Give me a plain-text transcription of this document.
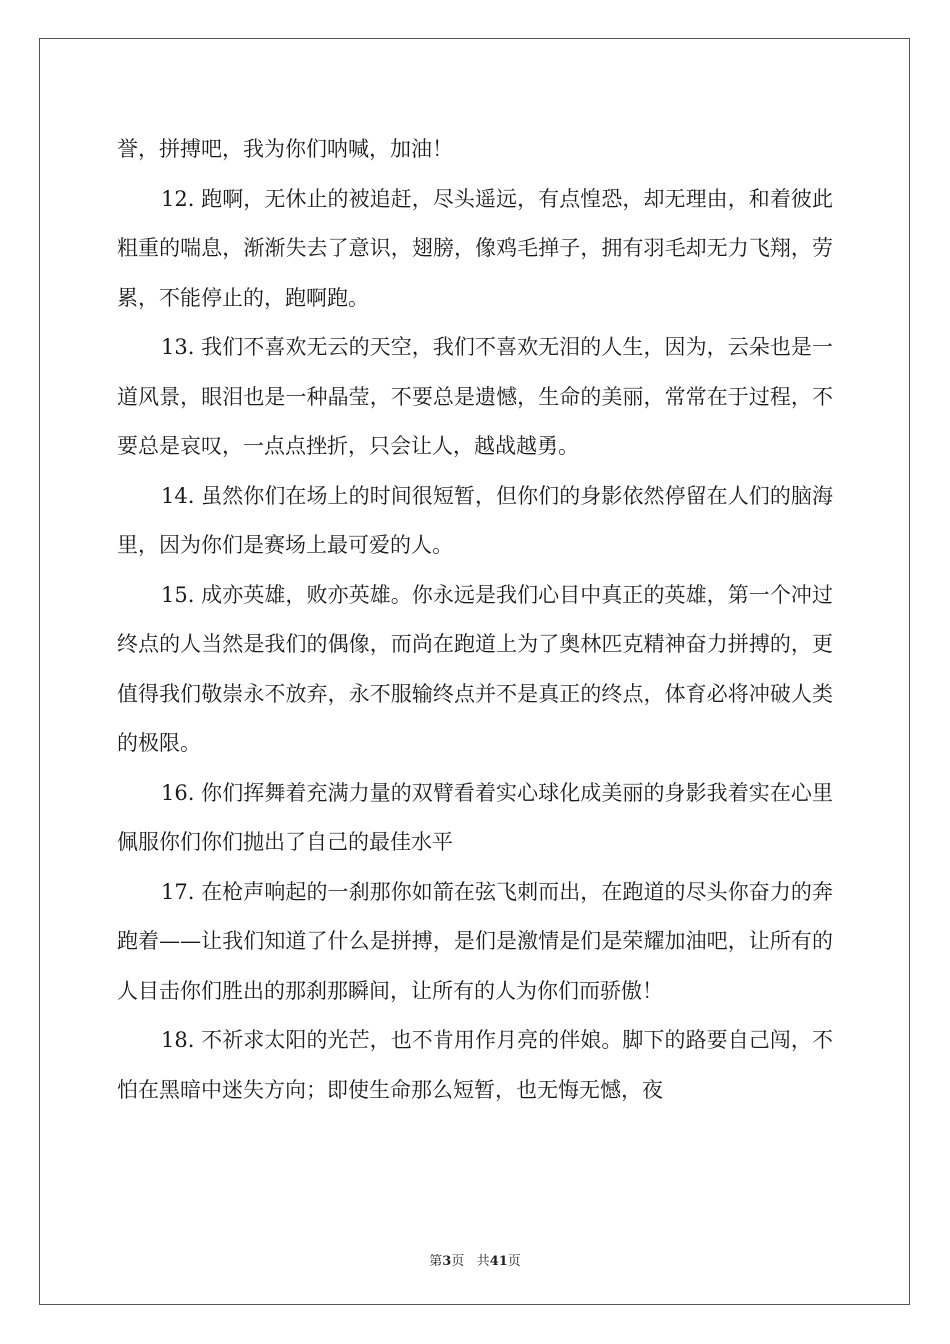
誉，拼搏吧，我为你们呐喊，加油！

12. 跑啊，无休止的被追赶，尽头遥远，有点惶恐，却无理由，和着彼此粗重的喘息，渐渐失去了意识，翅膀，像鸡毛掸子，拥有羽毛却无力飞翔，劳累，不能停止的，跑啊跑。

13. 我们不喜欢无云的天空，我们不喜欢无泪的人生，因为，云朵也是一道风景，眼泪也是一种晶莹，不要总是遗憾，生命的美丽，常常在于过程，不要总是哀叹，一点点挫折，只会让人，越战越勇。

14. 虽然你们在场上的时间很短暂，但你们的身影依然停留在人们的脑海里，因为你们是赛场上最可爱的人。

15. 成亦英雄，败亦英雄。你永远是我们心目中真正的英雄，第一个冲过终点的人当然是我们的偶像，而尚在跑道上为了奥林匹克精神奋力拼搏的，更值得我们敬崇永不放弃，永不服输终点并不是真正的终点，体育必将冲破人类的极限。

16. 你们挥舞着充满力量的双臂看着实心球化成美丽的身影我着实在心里佩服你们你们抛出了自己的最佳水平

17. 在枪声响起的一刹那你如箭在弦飞刺而出，在跑道的尽头你奋力的奔跑着——让我们知道了什么是拼搏，是们是激情是们是荣耀加油吧，让所有的人目击你们胜出的那刹那瞬间，让所有的人为你们而骄傲！

18. 不祈求太阳的光芒，也不肯用作月亮的伴娘。脚下的路要自己闯，不怕在黑暗中迷失方向；即使生命那么短暂，也无悔无憾，夜

第3页 共41页
